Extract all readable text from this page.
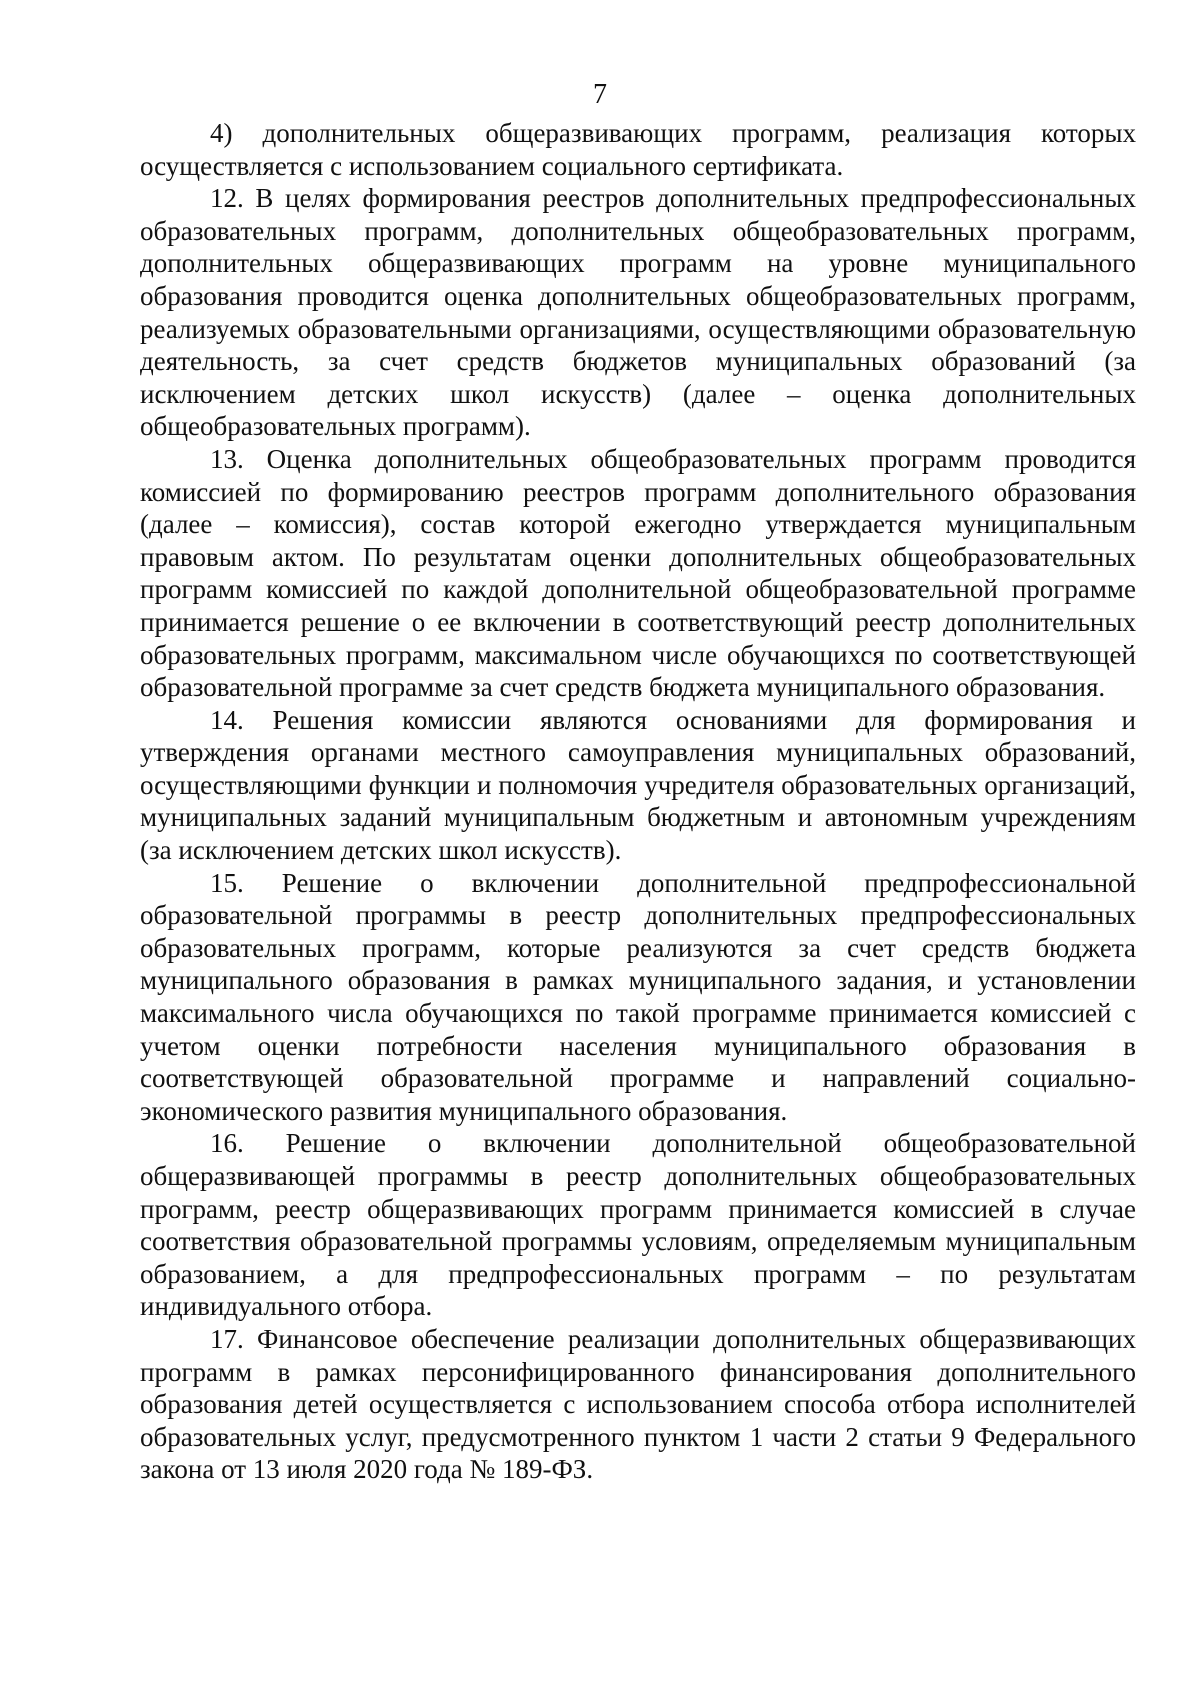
7

4) дополнительных общеразвивающих программ, реализация которых осуществляется с использованием социального сертификата.

12. В целях формирования реестров дополнительных предпрофессиональных образовательных программ, дополнительных общеобразовательных программ, дополнительных общеразвивающих программ на уровне муниципального образования проводится оценка дополнительных общеобразовательных программ, реализуемых образовательными организациями, осуществляющими образовательную деятельность, за счет средств бюджетов муниципальных образований (за исключением детских школ искусств) (далее – оценка дополнительных общеобразовательных программ).

13. Оценка дополнительных общеобразовательных программ проводится комиссией по формированию реестров программ дополнительного образования (далее – комиссия), состав которой ежегодно утверждается муниципальным правовым актом. По результатам оценки дополнительных общеобразовательных программ комиссией по каждой дополнительной общеобразовательной программе принимается решение о ее включении в соответствующий реестр дополнительных образовательных программ, максимальном числе обучающихся по соответствующей образовательной программе за счет средств бюджета муниципального образования.

14. Решения комиссии являются основаниями для формирования и утверждения органами местного самоуправления муниципальных образований, осуществляющими функции и полномочия учредителя образовательных организаций, муниципальных заданий муниципальным бюджетным и автономным учреждениям (за исключением детских школ искусств).

15. Решение о включении дополнительной предпрофессиональной образовательной программы в реестр дополнительных предпрофессиональных образовательных программ, которые реализуются за счет средств бюджета муниципального образования в рамках муниципального задания, и установлении максимального числа обучающихся по такой программе принимается комиссией с учетом оценки потребности населения муниципального образования в соответствующей образовательной программе и направлений социально-экономического развития муниципального образования.

16. Решение о включении дополнительной общеобразовательной общеразвивающей программы в реестр дополнительных общеобразовательных программ, реестр общеразвивающих программ принимается комиссией в случае соответствия образовательной программы условиям, определяемым муниципальным образованием, а для предпрофессиональных программ – по результатам индивидуального отбора.

17. Финансовое обеспечение реализации дополнительных общеразвивающих программ в рамках персонифицированного финансирования дополнительного образования детей осуществляется с использованием способа отбора исполнителей образовательных услуг, предусмотренного пунктом 1 части 2 статьи 9 Федерального закона от 13 июля 2020 года № 189-ФЗ.
